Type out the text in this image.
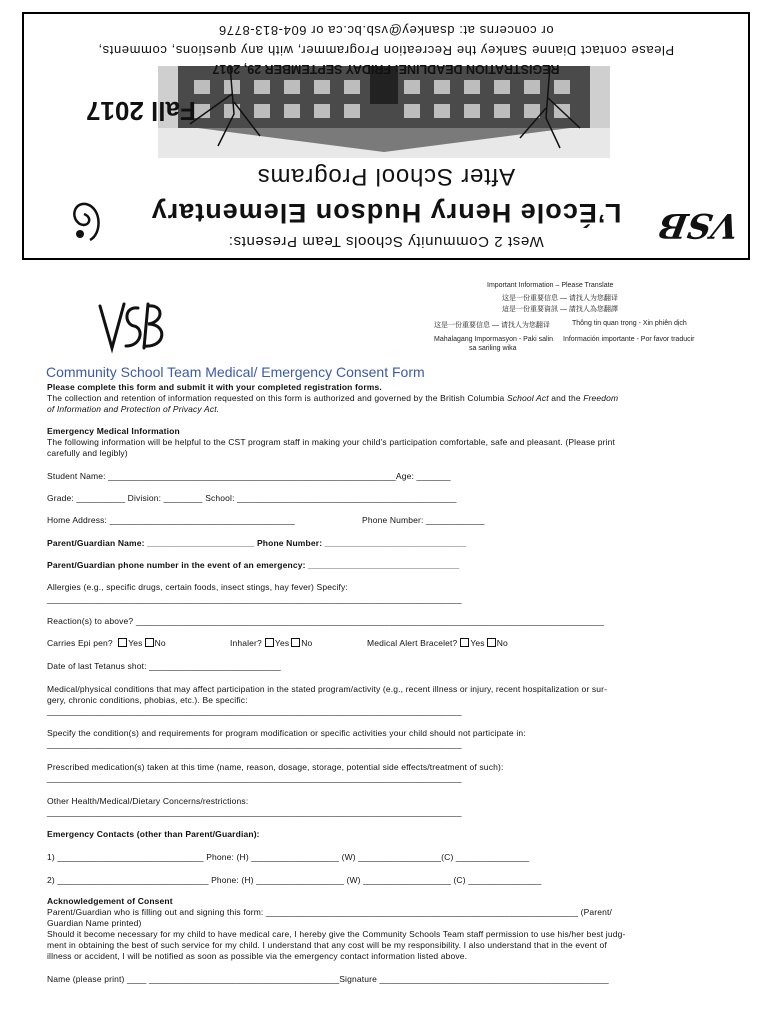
VSB
West 2 Community Schools Team Presents:
L’École Henry Hudson Elementary
After School Programs
Fall 2017
REGISTRATION DEADLINE: FRIDAY SEPTEMBER 29, 2017
Please contact Dianne Sankey the Recreation Programmer, with any questions, comments,
or concerns at: dsankey@vsb.bc.ca or 604-813-8776
Important Information – Please Translate
这是一份重要信息 — 请找人为您翻译
這是一份重要資訊 — 請找人為您翻譯
这是一份重要信息 — 请找人为您翻译	Thông tin quan trọng - Xin phiên dịch
Mahalagang Impormasyon - Paki salin
sa sariling wika
Información importante - Por favor traducir
Community School Team Medical/ Emergency Consent Form
Please complete this form and submit it with your completed registration forms.
The collection and retention of information requested on this form is authorized and governed by the British Columbia School Act and the Freedom
of Information and Protection of Privacy Act.
Emergency Medical Information
The following information will be helpful to the CST program staff in making your child’s participation comfortable, safe and pleasant. (Please print
carefully and legibly)
Student Name: ___________________________________________________________Age: _______
Grade: __________ Division: ________ School: _____________________________________________
Home Address: ______________________________________	Phone Number: ____________
Parent/Guardian Name: ______________________ Phone Number: _____________________________
Parent/Guardian phone number in the event of an emergency: _______________________________
Allergies (e.g., specific drugs, certain foods, insect stings, hay fever) Specify:
_____________________________________________________________________________________
Reaction(s) to above? ________________________________________________________________________________________________
Carries Epi pen? Yes No	Inhaler? Yes No	Medical Alert Bracelet? Yes No
Date of last Tetanus shot: ___________________________
Medical/physical conditions that may affect participation in the stated program/activity (e.g., recent illness or injury, recent hospitalization or sur-
gery, chronic conditions, phobias, etc.). Be specific:
_____________________________________________________________________________________
Specify the condition(s) and requirements for program modification or specific activities your child should not participate in:
_____________________________________________________________________________________
Prescribed medication(s) taken at this time (name, reason, dosage, storage, potential side effects/treatment of such):
_____________________________________________________________________________________
Other Health/Medical/Dietary Concerns/restrictions:
_____________________________________________________________________________________
Emergency Contacts (other than Parent/Guardian):
1) ______________________________ Phone: (H) __________________ (W) _________________(C) _______________
2) _______________________________ Phone: (H) __________________ (W) __________________ (C) _______________
Acknowledgement of Consent
Parent/Guardian who is filling out and signing this form: ________________________________________________________________ (Parent/
Guardian Name printed)
Should it become necessary for my child to have medical care, I hereby give the Community Schools Team staff permission to use his/her best judg-
ment in obtaining the best of such service for my child. I understand that any cost will be my responsibility. I also understand that in the event of
illness or accident, I will be notified as soon as possible via the emergency contact information listed above.
Name (please print) ____ _______________________________________Signature _______________________________________________
